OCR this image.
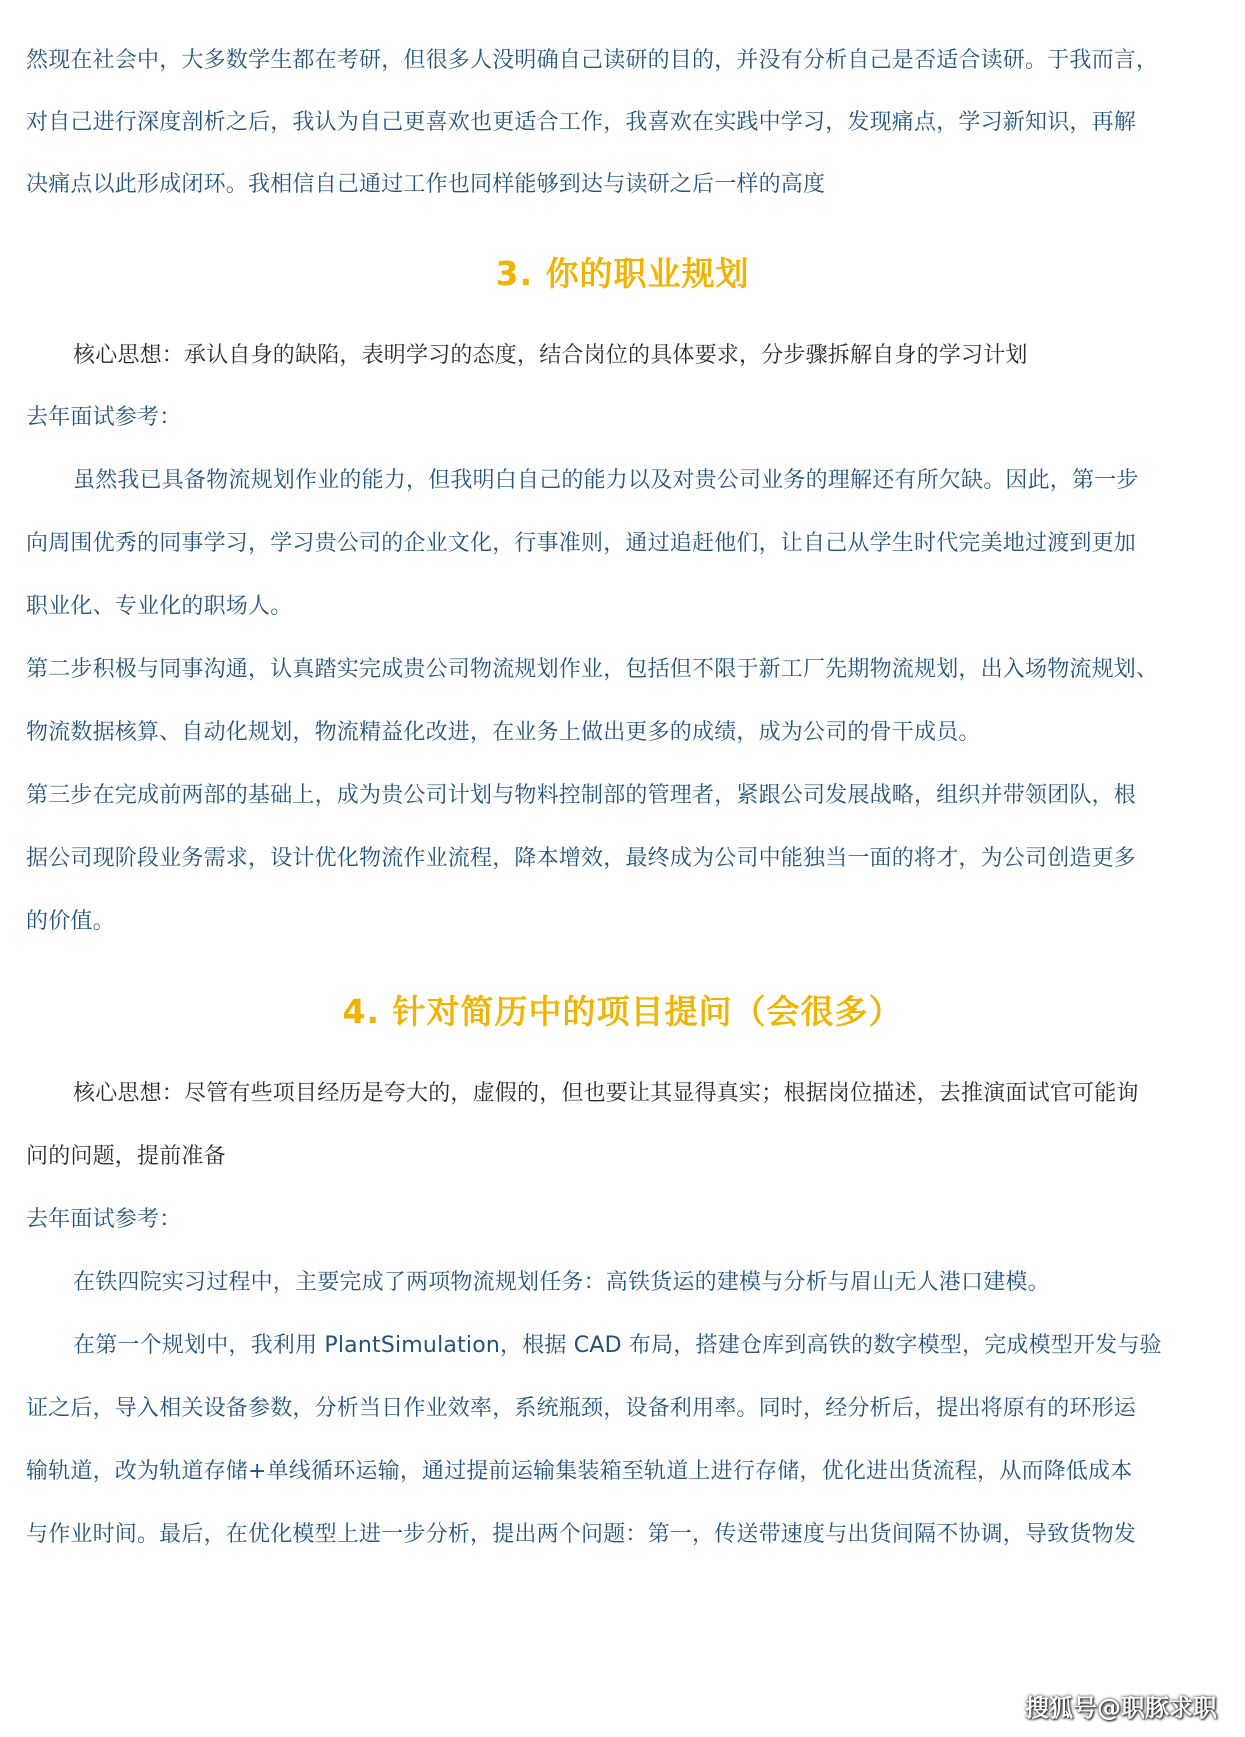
然现在社会中，大多数学生都在考研，但很多人没明确自己读研的目的，并没有分析自己是否适合读研。于我而言，
对自己进行深度剖析之后，我认为自己更喜欢也更适合工作，我喜欢在实践中学习，发现痛点，学习新知识，再解
决痛点以此形成闭环。我相信自己通过工作也同样能够到达与读研之后一样的高度
3. 你的职业规划
核心思想：承认自身的缺陷，表明学习的态度，结合岗位的具体要求，分步骤拆解自身的学习计划
去年面试参考：
虽然我已具备物流规划作业的能力，但我明白自己的能力以及对贵公司业务的理解还有所欠缺。因此，第一步
向周围优秀的同事学习，学习贵公司的企业文化，行事准则，通过追赶他们，让自己从学生时代完美地过渡到更加
职业化、专业化的职场人。
第二步积极与同事沟通，认真踏实完成贵公司物流规划作业，包括但不限于新工厂先期物流规划，出入场物流规划、
物流数据核算、自动化规划，物流精益化改进，在业务上做出更多的成绩，成为公司的骨干成员。
第三步在完成前两部的基础上，成为贵公司计划与物料控制部的管理者，紧跟公司发展战略，组织并带领团队，根
据公司现阶段业务需求，设计优化物流作业流程，降本增效，最终成为公司中能独当一面的将才，为公司创造更多
的价值。
4. 针对简历中的项目提问（会很多）
核心思想：尽管有些项目经历是夸大的，虚假的，但也要让其显得真实；根据岗位描述，去推演面试官可能询
问的问题，提前准备
去年面试参考：
在铁四院实习过程中，主要完成了两项物流规划任务：高铁货运的建模与分析与眉山无人港口建模。
在第一个规划中，我利用 PlantSimulation，根据 CAD 布局，搭建仓库到高铁的数字模型，完成模型开发与验
证之后，导入相关设备参数，分析当日作业效率，系统瓶颈，设备利用率。同时，经分析后，提出将原有的环形运
输轨道，改为轨道存储+单线循环运输，通过提前运输集装箱至轨道上进行存储，优化进出货流程，从而降低成本
与作业时间。最后，在优化模型上进一步分析，提出两个问题：第一，传送带速度与出货间隔不协调，导致货物发
搜狐号@职豚求职
